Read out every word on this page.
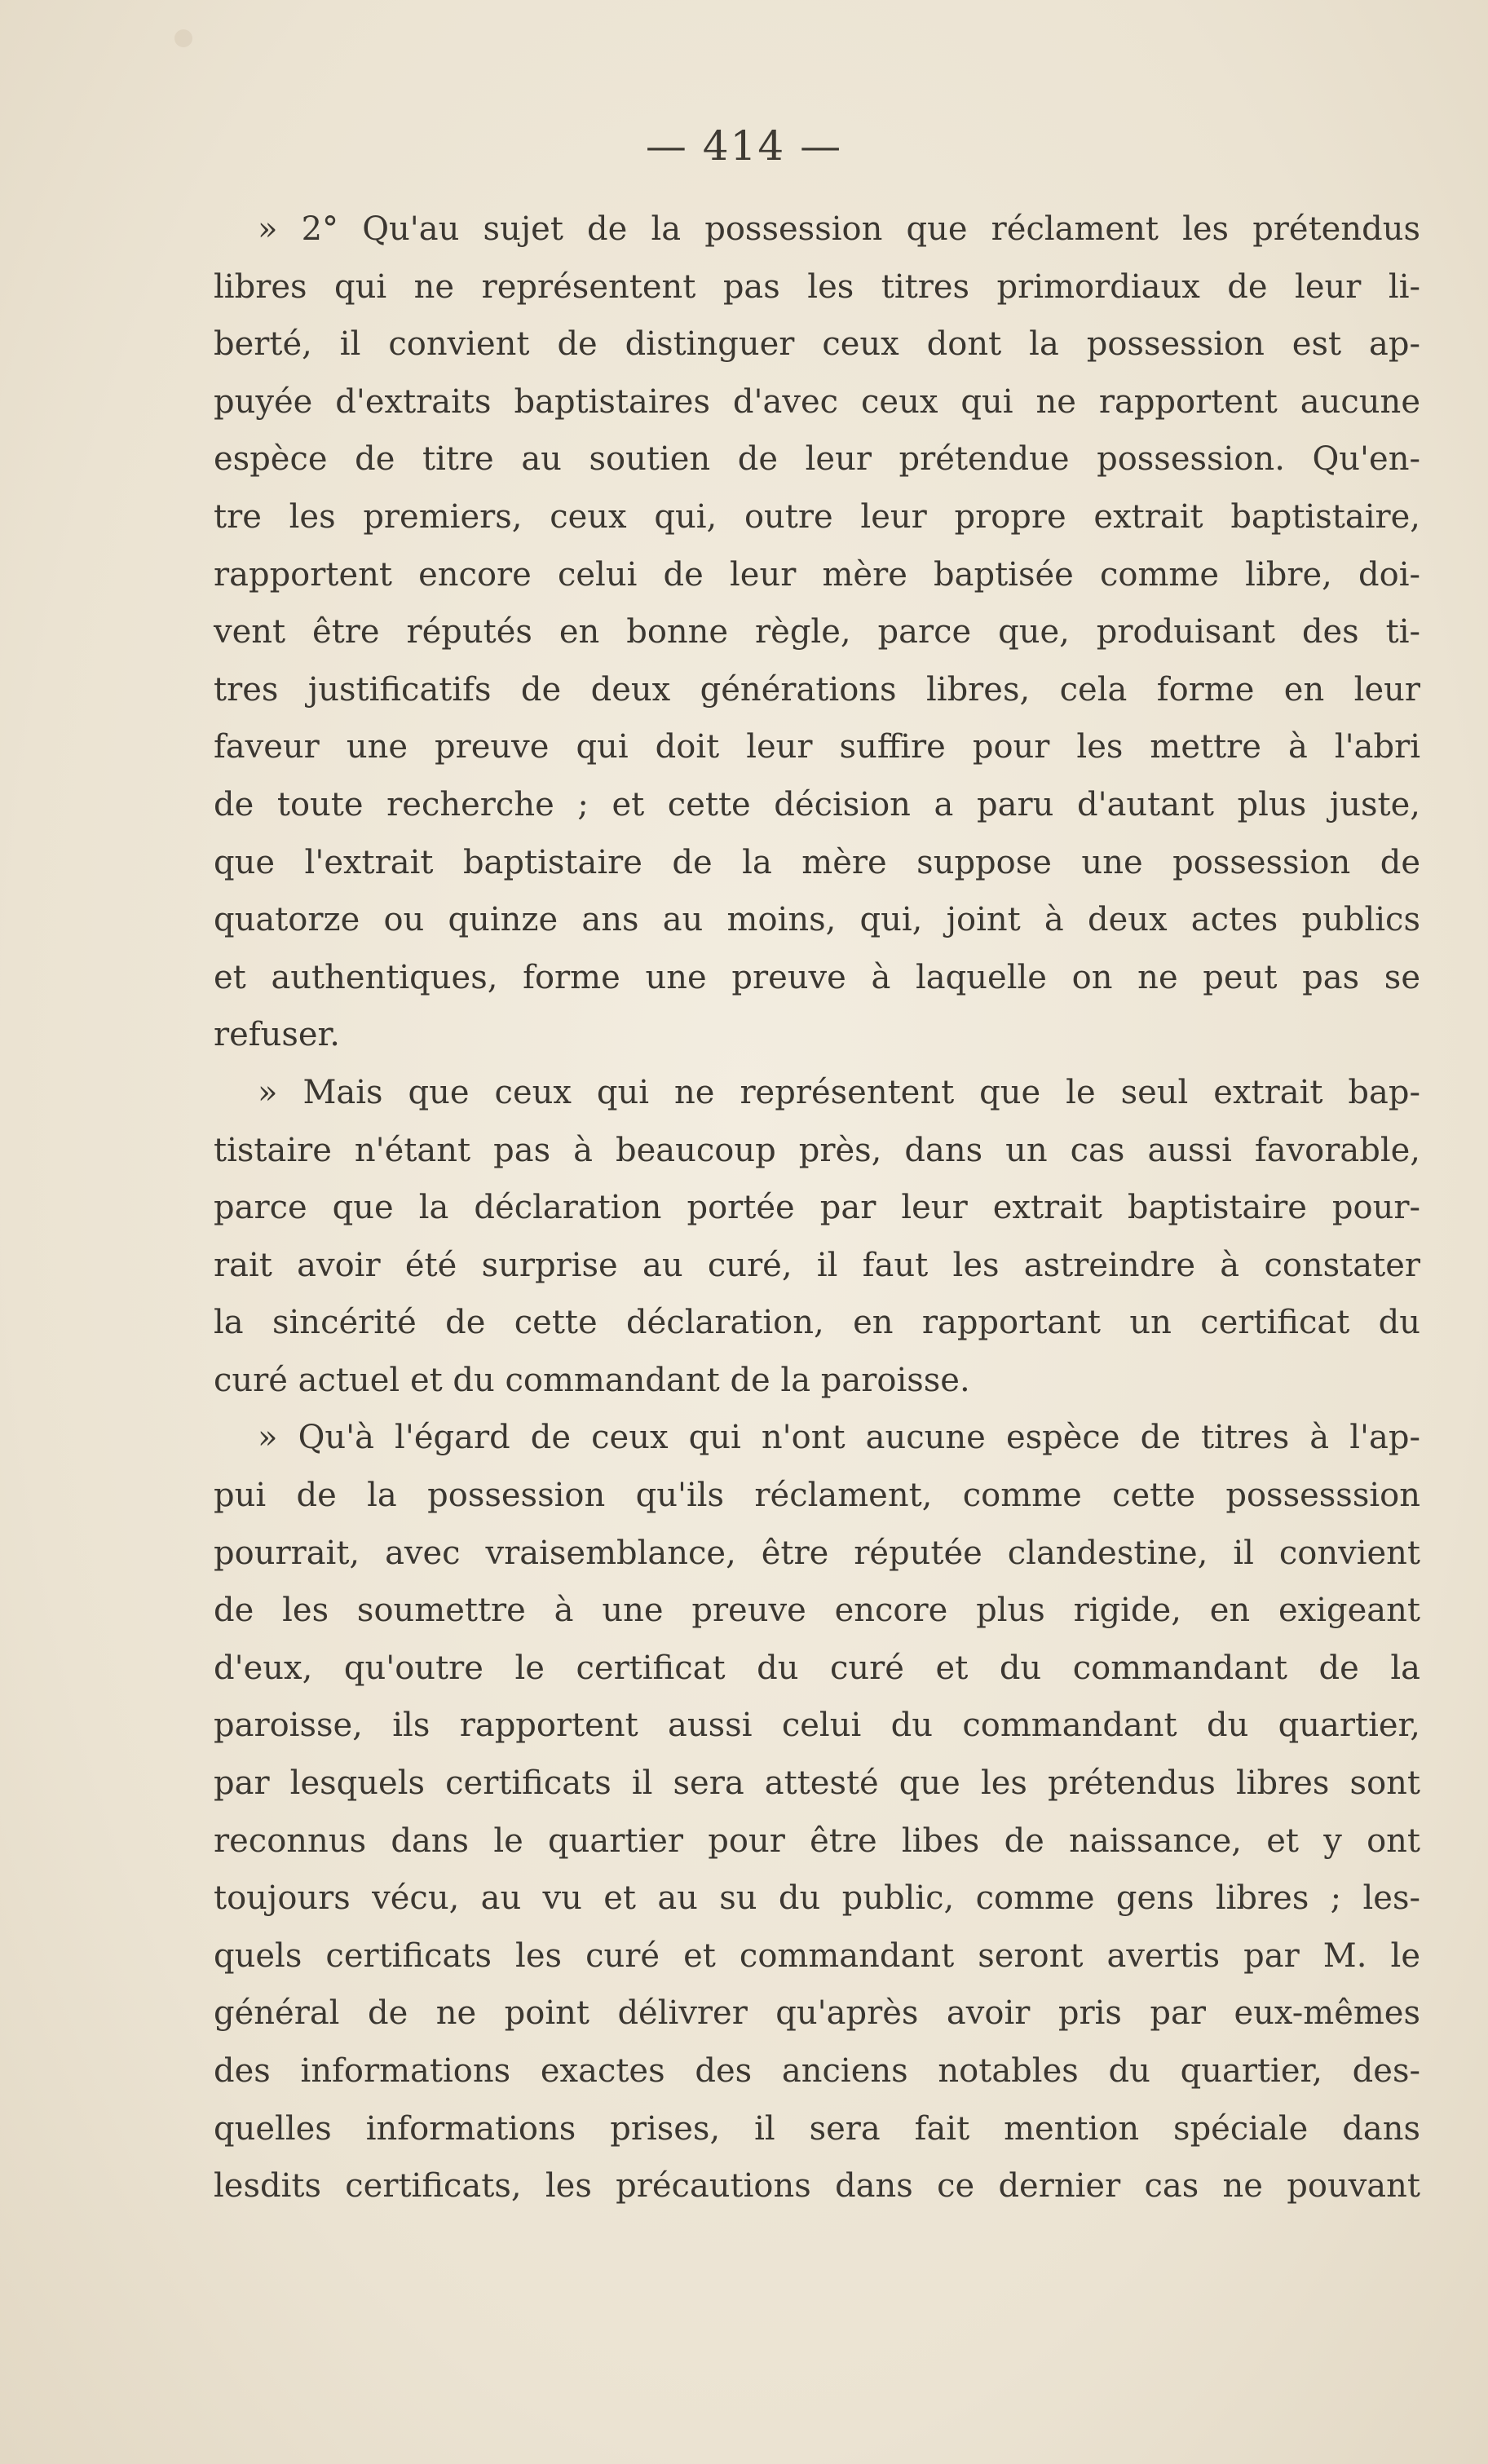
— 414 —
» 2° Qu'au sujet de la possession que réclament les prétendus
libres qui ne représentent pas les titres primordiaux de leur li-
berté, il convient de distinguer ceux dont la possession est ap-
puyée d'extraits baptistaires d'avec ceux qui ne rapportent aucune
espèce de titre au soutien de leur prétendue possession. Qu'en-
tre les premiers, ceux qui, outre leur propre extrait baptistaire,
rapportent encore celui de leur mère baptisée comme libre, doi-
vent être réputés en bonne règle, parce que, produisant des ti-
tres justificatifs de deux générations libres, cela forme en leur
faveur une preuve qui doit leur suffire pour les mettre à l'abri
de toute recherche ; et cette décision a paru d'autant plus juste,
que l'extrait baptistaire de la mère suppose une possession de
quatorze ou quinze ans au moins, qui, joint à deux actes publics
et authentiques, forme une preuve à laquelle on ne peut pas se
refuser.
» Mais que ceux qui ne représentent que le seul extrait bap-
tistaire n'étant pas à beaucoup près, dans un cas aussi favorable,
parce que la déclaration portée par leur extrait baptistaire pour-
rait avoir été surprise au curé, il faut les astreindre à constater
la sincérité de cette déclaration, en rapportant un certificat du
curé actuel et du commandant de la paroisse.
» Qu'à l'égard de ceux qui n'ont aucune espèce de titres à l'ap-
pui de la possession qu'ils réclament, comme cette possesssion
pourrait, avec vraisemblance, être réputée clandestine, il convient
de les soumettre à une preuve encore plus rigide, en exigeant
d'eux, qu'outre le certificat du curé et du commandant de la
paroisse, ils rapportent aussi celui du commandant du quartier,
par lesquels certificats il sera attesté que les prétendus libres sont
reconnus dans le quartier pour être libes de naissance, et y ont
toujours vécu, au vu et au su du public, comme gens libres ; les-
quels certificats les curé et commandant seront avertis par M. le
général de ne point délivrer qu'après avoir pris par eux-mêmes
des informations exactes des anciens notables du quartier, des-
quelles informations prises, il sera fait mention spéciale dans
lesdits certificats, les précautions dans ce dernier cas ne pouvant
